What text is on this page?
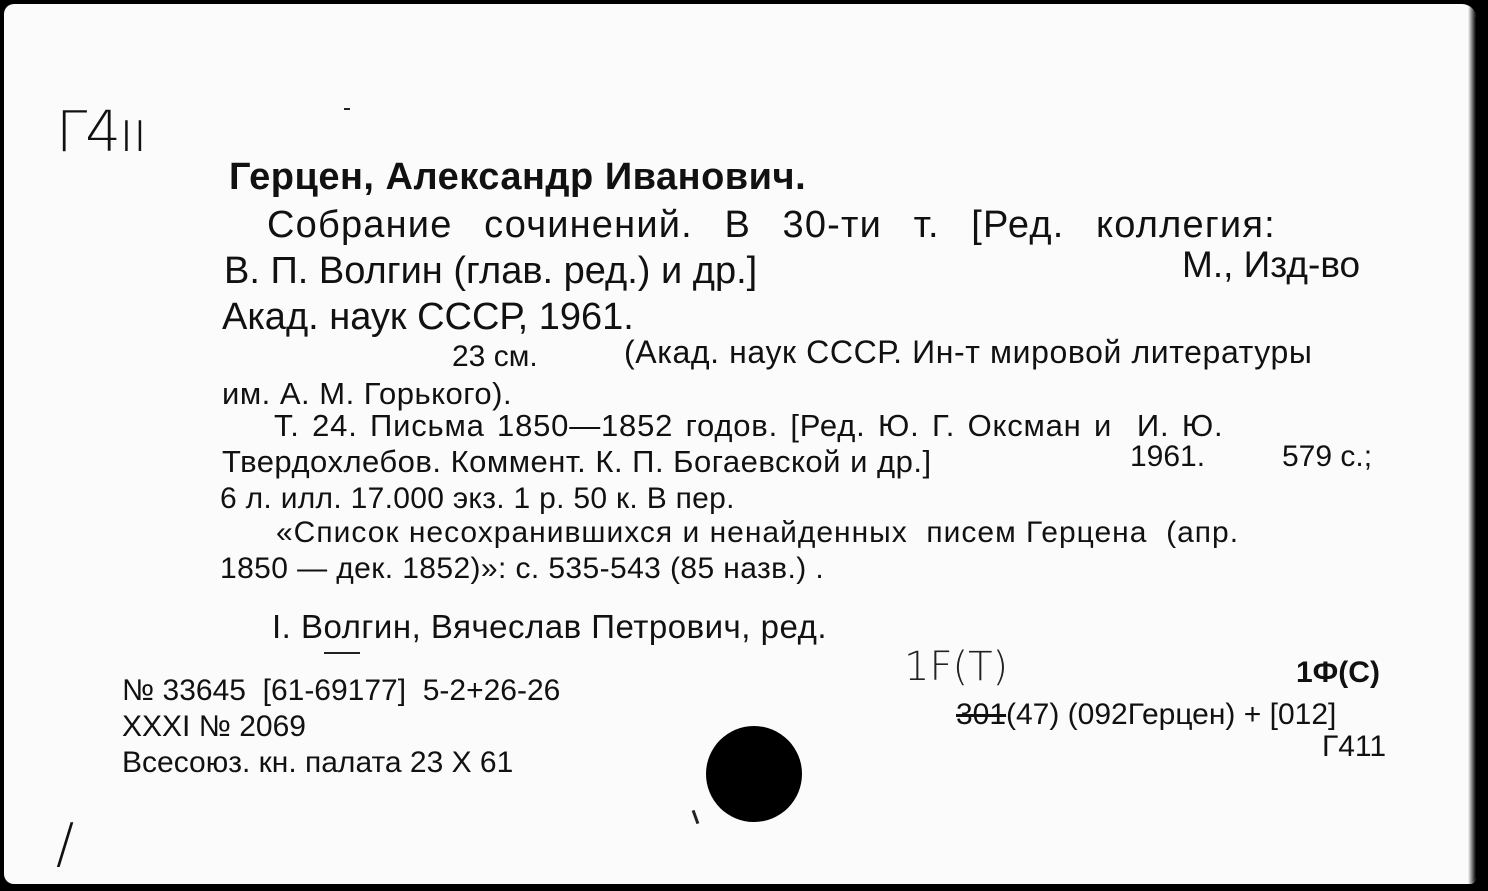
Г4ıı
Герцен, Александр Иванович.
Собрание  сочинений.  В  30-ти  т.  [Ред.  коллегия:
В. П. Волгин (глав. ред.) и др.]	М., Изд-во
Акад. наук СССР, 1961.
23 см.	(Акад. наук СССР. Ин-т мировой литературы
им. А. М. Горького).
Т. 24. Письма 1850—1852 годов. [Ред. Ю. Г. Оксман и  И. Ю.
Твердохлебов. Коммент. К. П. Богаевской и др.]	1961.	579 с.;
6 л. илл. 17.000 экз. 1 р. 50 к. В пер.
«Список несохранившихся и ненайденных  писем Герцена  (апр.
1850 — дек. 1852)»: с. 535-543 (85 назв.) .
I. Волгин, Вячеслав Петрович, ред.
№ 33645  [61-69177]  5-2+26-26
XXXI № 2069
Всесоюз. кн. палата 23 X 61
1F(T)	1Ф(С)
301 (47) (092Герцен) + [012]
Г411
/
